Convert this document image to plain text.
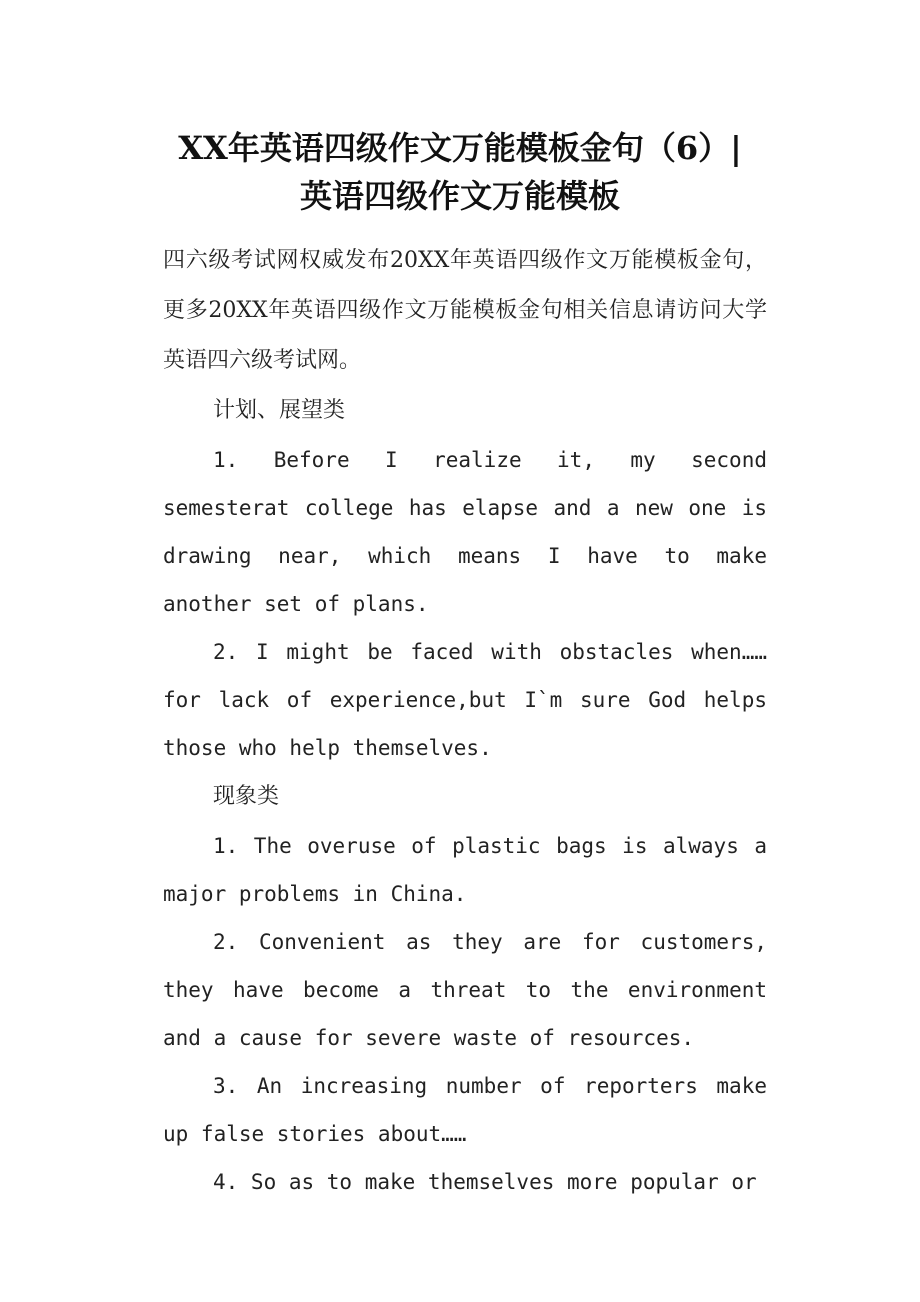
XX年英语四级作文万能模板金句（6）|
英语四级作文万能模板

四六级考试网权威发布20XX年英语四级作文万能模板金句，更多20XX年英语四级作文万能模板金句相关信息请访问大学英语四六级考试网。

计划、展望类

1. Before I realize it, my second semesterat college has elapse and a new one is drawing near, which means I have to make another set of plans.

2. I might be faced with obstacles when……for lack of experience,but I`m sure God helps those who help themselves.

现象类

1. The overuse of plastic bags is always a major problems in China.

2. Convenient as they are for customers, they have become a threat to the environment and a cause for severe waste of resources.

3. An increasing number of reporters make up false stories about……

4. So as to make themselves more popular or
